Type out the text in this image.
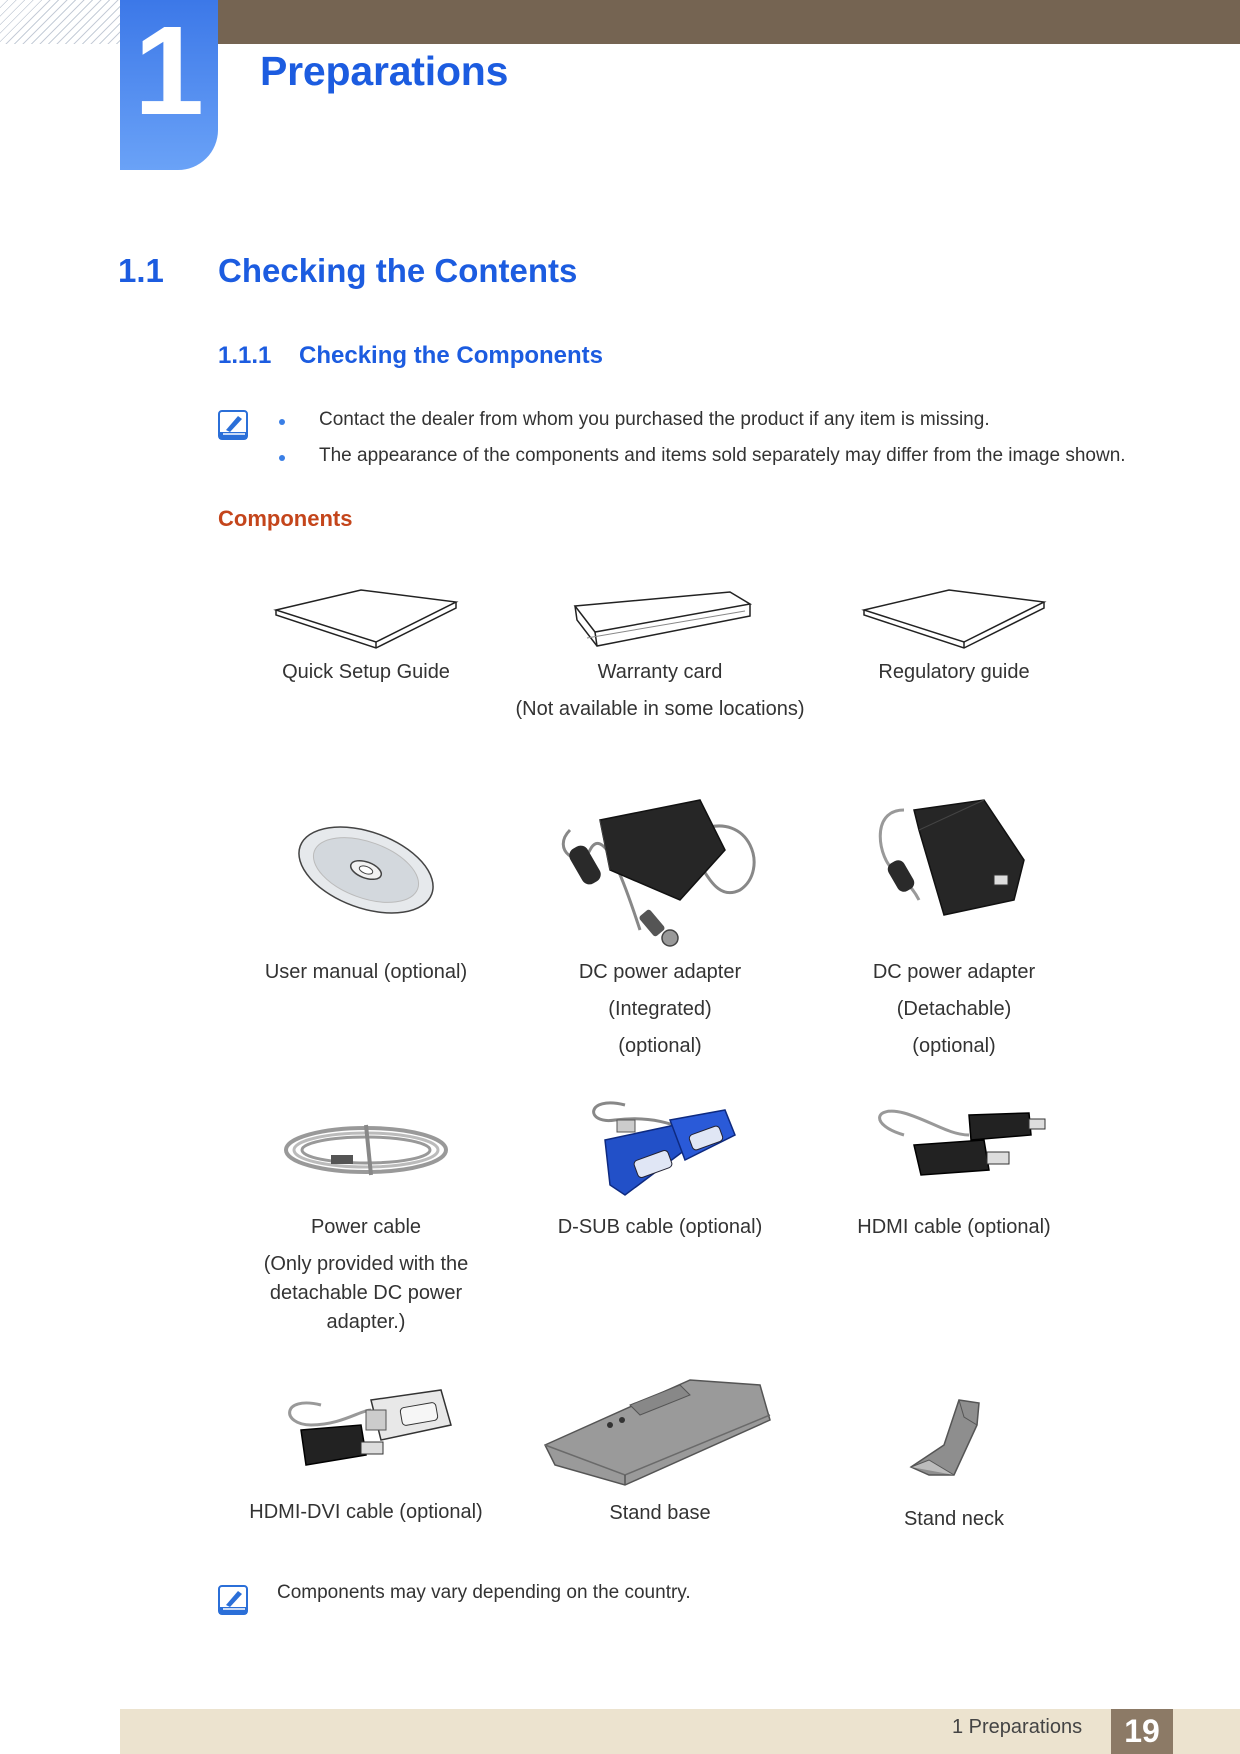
1	Preparations
1.1 Checking the Contents
1.1.1 Checking the Components
Contact the dealer from whom you purchased the product if any item is missing.
The appearance of the components and items sold separately may differ from the image shown.
Components
Quick Setup Guide	Warranty card
(Not available in some locations)
Regulatory guide
User manual (optional)	DC power adapter
(Integrated)
(optional)
DC power adapter
(Detachable)
(optional)
Power cable
(Only provided with the detachable DC power adapter.)
D-SUB cable (optional)	HDMI cable (optional)
HDMI-DVI cable (optional)	Stand base	Stand neck
Components may vary depending on the country.
1 Preparations	19
